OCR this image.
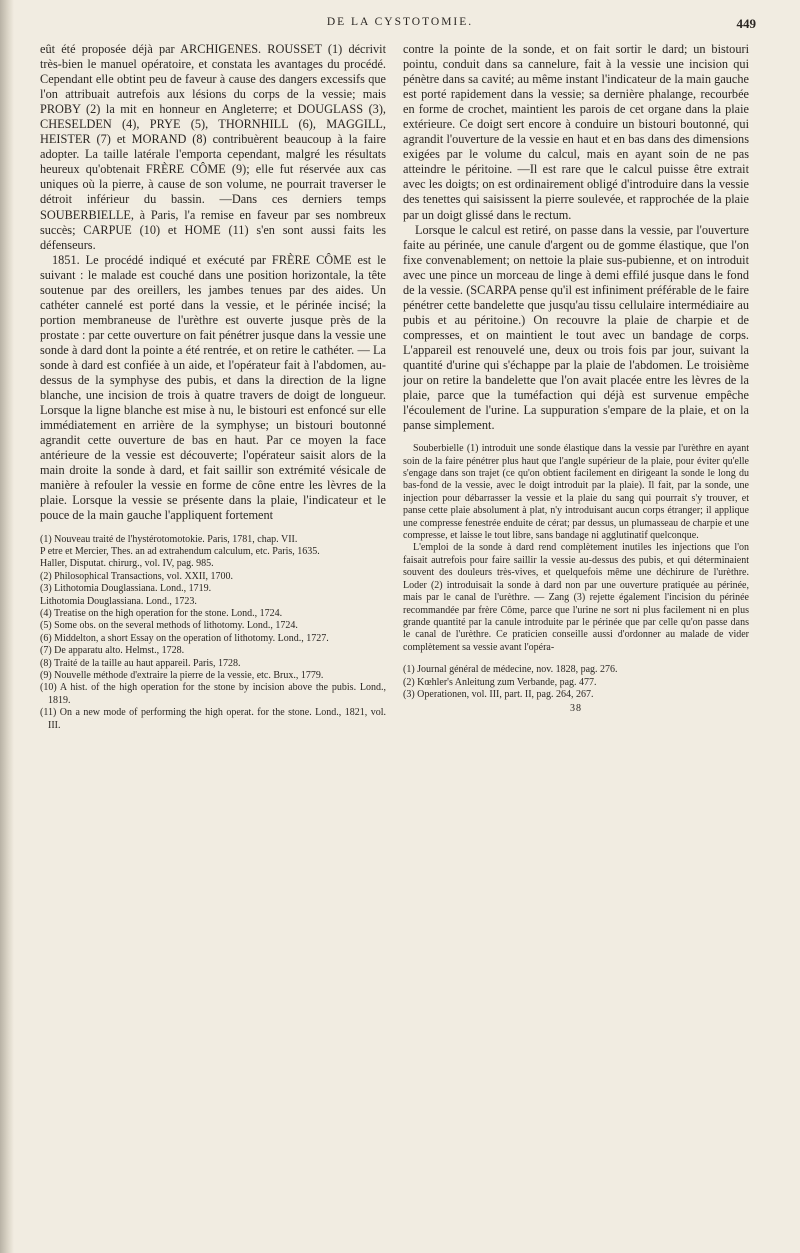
DE LA CYSTOTOMIE.	449

eût été proposée déjà par ARCHIGENES. ROUSSET (1) décrivit très-bien le manuel opératoire, et constata les avantages du procédé. Cependant elle obtint peu de faveur à cause des dangers excessifs que l'on attribuait autrefois aux lésions du corps de la vessie; mais PROBY (2) la mit en honneur en Angleterre; et DOUGLASS (3), CHESELDEN (4), PRYE (5), THORNHILL (6), MAGGILL, HEISTER (7) et MORAND (8) contribuèrent beaucoup à la faire adopter. La taille latérale l'emporta cependant, malgré les résultats heureux qu'obtenait FRÈRE CÔME (9); elle fut réservée aux cas uniques où la pierre, à cause de son volume, ne pourrait traverser le détroit inférieur du bassin. —Dans ces derniers temps SOUBERBIELLE, à Paris, l'a remise en faveur par ses nombreux succès; CARPUE (10) et HOME (11) s'en sont aussi faits les défenseurs.

1851. Le procédé indiqué et exécuté par FRÈRE CÔME est le suivant : le malade est couché dans une position horizontale, la tête soutenue par des oreillers, les jambes tenues par des aides. Un cathéter cannelé est porté dans la vessie, et le périnée incisé; la portion membraneuse de l'urèthre est ouverte jusque près de la prostate : par cette ouverture on fait pénétrer jusque dans la vessie une sonde à dard dont la pointe a été rentrée, et on retire le cathéter. — La sonde à dard est confiée à un aide, et l'opérateur fait à l'abdomen, au-dessus de la symphyse des pubis, et dans la direction de la ligne blanche, une incision de trois à quatre travers de doigt de longueur. Lorsque la ligne blanche est mise à nu, le bistouri est enfoncé sur elle immédiatement en arrière de la symphyse; un bistouri boutonné agrandit cette ouverture de bas en haut. Par ce moyen la face antérieure de la vessie est découverte; l'opérateur saisit alors de la main droite la sonde à dard, et fait saillir son extrémité vésicale de manière à refouler la vessie en forme de cône entre les lèvres de la plaie. Lorsque la vessie se présente dans la plaie, l'indicateur et le pouce de la main gauche l'appliquent fortement

(1) Nouveau traité de l'hystérotomotokie. Paris, 1781, chap. VII.

P etre et Mercier, Thes. an ad extrahendum calculum, etc. Paris, 1635.

Haller, Disputat. chirurg., vol. IV, pag. 985.

(2) Philosophical Transactions, vol. XXII, 1700.

(3) Lithotomia Douglassiana. Lond., 1719.

Lithotomia Douglassiana. Lond., 1723.

(4) Treatise on the high operation for the stone. Lond., 1724.

(5) Some obs. on the several methods of lithotomy. Lond., 1724.

(6) Middelton, a short Essay on the operation of lithotomy. Lond., 1727.

(7) De apparatu alto. Helmst., 1728.

(8) Traité de la taille au haut appareil. Paris, 1728.

(9) Nouvelle méthode d'extraire la pierre de la vessie, etc. Brux., 1779.

(10) A hist. of the high operation for the stone by incision above the pubis. Lond., 1819.

(11) On a new mode of performing the high operat. for the stone. Lond., 1821, vol. III.

contre la pointe de la sonde, et on fait sortir le dard; un bistouri pointu, conduit dans sa cannelure, fait à la vessie une incision qui pénètre dans sa cavité; au même instant l'indicateur de la main gauche est porté rapidement dans la vessie; sa dernière phalange, recourbée en forme de crochet, maintient les parois de cet organe dans la plaie extérieure. Ce doigt sert encore à conduire un bistouri boutonné, qui agrandit l'ouverture de la vessie en haut et en bas dans des dimensions exigées par le volume du calcul, mais en ayant soin de ne pas atteindre le péritoine. —Il est rare que le calcul puisse être extrait avec les doigts; on est ordinairement obligé d'introduire dans la vessie des tenettes qui saisissent la pierre soulevée, et rapprochée de la plaie par un doigt glissé dans le rectum.

Lorsque le calcul est retiré, on passe dans la vessie, par l'ouverture faite au périnée, une canule d'argent ou de gomme élastique, que l'on fixe convenablement; on nettoie la plaie sus-pubienne, et on introduit avec une pince un morceau de linge à demi effilé jusque dans le fond de la vessie. (SCARPA pense qu'il est infiniment préférable de le faire pénétrer cette bandelette que jusqu'au tissu cellulaire intermédiaire au pubis et au péritoine.) On recouvre la plaie de charpie et de compresses, et on maintient le tout avec un bandage de corps. L'appareil est renouvelé une, deux ou trois fois par jour, suivant la quantité d'urine qui s'échappe par la plaie de l'abdomen. Le troisième jour on retire la bandelette que l'on avait placée entre les lèvres de la plaie, parce que la tuméfaction qui déjà est survenue empêche l'écoulement de l'urine. La suppuration s'empare de la plaie, et on la panse simplement.

Souberbielle (1) introduit une sonde élastique dans la vessie par l'urèthre en ayant soin de la faire pénétrer plus haut que l'angle supérieur de la plaie, pour éviter qu'elle s'engage dans son trajet (ce qu'on obtient facilement en dirigeant la sonde le long du bas-fond de la vessie, avec le doigt introduit par la plaie). Il fait, par la sonde, une injection pour débarrasser la vessie et la plaie du sang qui pourrait s'y trouver, et panse cette plaie absolument à plat, n'y introduisant aucun corps étranger; il applique une compresse fenestrée enduite de cérat; par dessus, un plumasseau de charpie et une compresse, et laisse le tout libre, sans bandage ni agglutinatif quelconque.

L'emploi de la sonde à dard rend complètement inutiles les injections que l'on faisait autrefois pour faire saillir la vessie au-dessus des pubis, et qui déterminaient souvent des douleurs très-vives, et quelquefois même une déchirure de l'urèthre. Loder (2) introduisait la sonde à dard non par une ouverture pratiquée au périnée, mais par le canal de l'urèthre. — Zang (3) rejette également l'incision du périnée recommandée par frère Côme, parce que l'urine ne sort ni plus facilement ni en plus grande quantité par la canule introduite par le périnée que par celle qu'on passe dans le canal de l'urèthre. Ce praticien conseille aussi d'ordonner au malade de vider complètement sa vessie avant l'opéra-

(1) Journal général de médecine, nov. 1828, pag. 276.

(2) Kœhler's Anleitung zum Verbande, pag. 477.

(3) Operationen, vol. III, part. II, pag. 264, 267.

38
